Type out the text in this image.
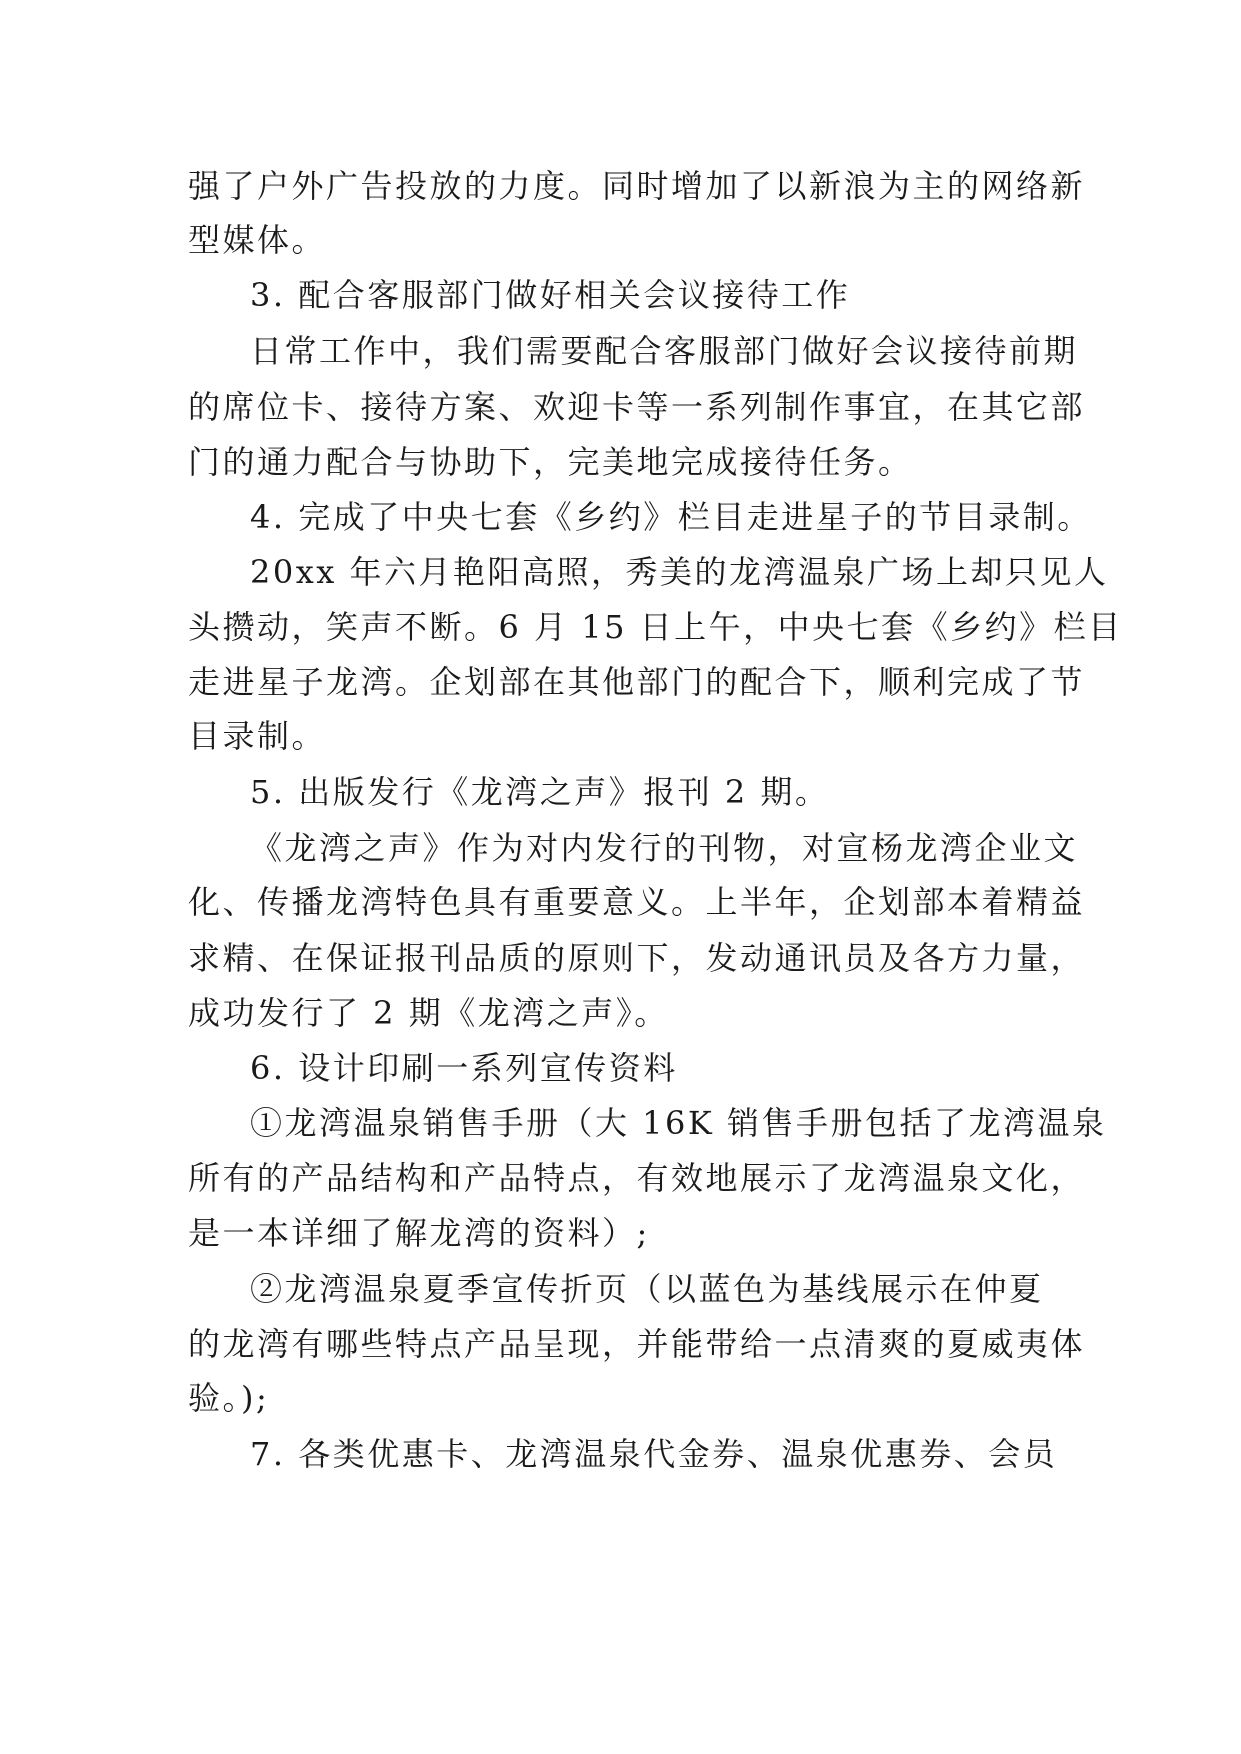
强了户外广告投放的力度。同时增加了以新浪为主的网络新
型媒体。
3. 配合客服部门做好相关会议接待工作
日常工作中，我们需要配合客服部门做好会议接待前期
的席位卡、接待方案、欢迎卡等一系列制作事宜，在其它部
门的通力配合与协助下，完美地完成接待任务。
4. 完成了中央七套《乡约》栏目走进星子的节目录制。
20xx 年六月艳阳高照，秀美的龙湾温泉广场上却只见人
头攒动，笑声不断。6 月 15 日上午，中央七套《乡约》栏目
走进星子龙湾。企划部在其他部门的配合下，顺利完成了节
目录制。
5. 出版发行《龙湾之声》报刊 2 期。
《龙湾之声》作为对内发行的刊物，对宣杨龙湾企业文
化、传播龙湾特色具有重要意义。上半年，企划部本着精益
求精、在保证报刊品质的原则下，发动通讯员及各方力量，
成功发行了 2 期《龙湾之声》。
6. 设计印刷一系列宣传资料
①龙湾温泉销售手册（大 16K 销售手册包括了龙湾温泉
所有的产品结构和产品特点，有效地展示了龙湾温泉文化，
是一本详细了解龙湾的资料）;
②龙湾温泉夏季宣传折页（以蓝色为基线展示在仲夏
的龙湾有哪些特点产品呈现，并能带给一点清爽的夏威夷体
验。);
7. 各类优惠卡、龙湾温泉代金券、温泉优惠券、会员
